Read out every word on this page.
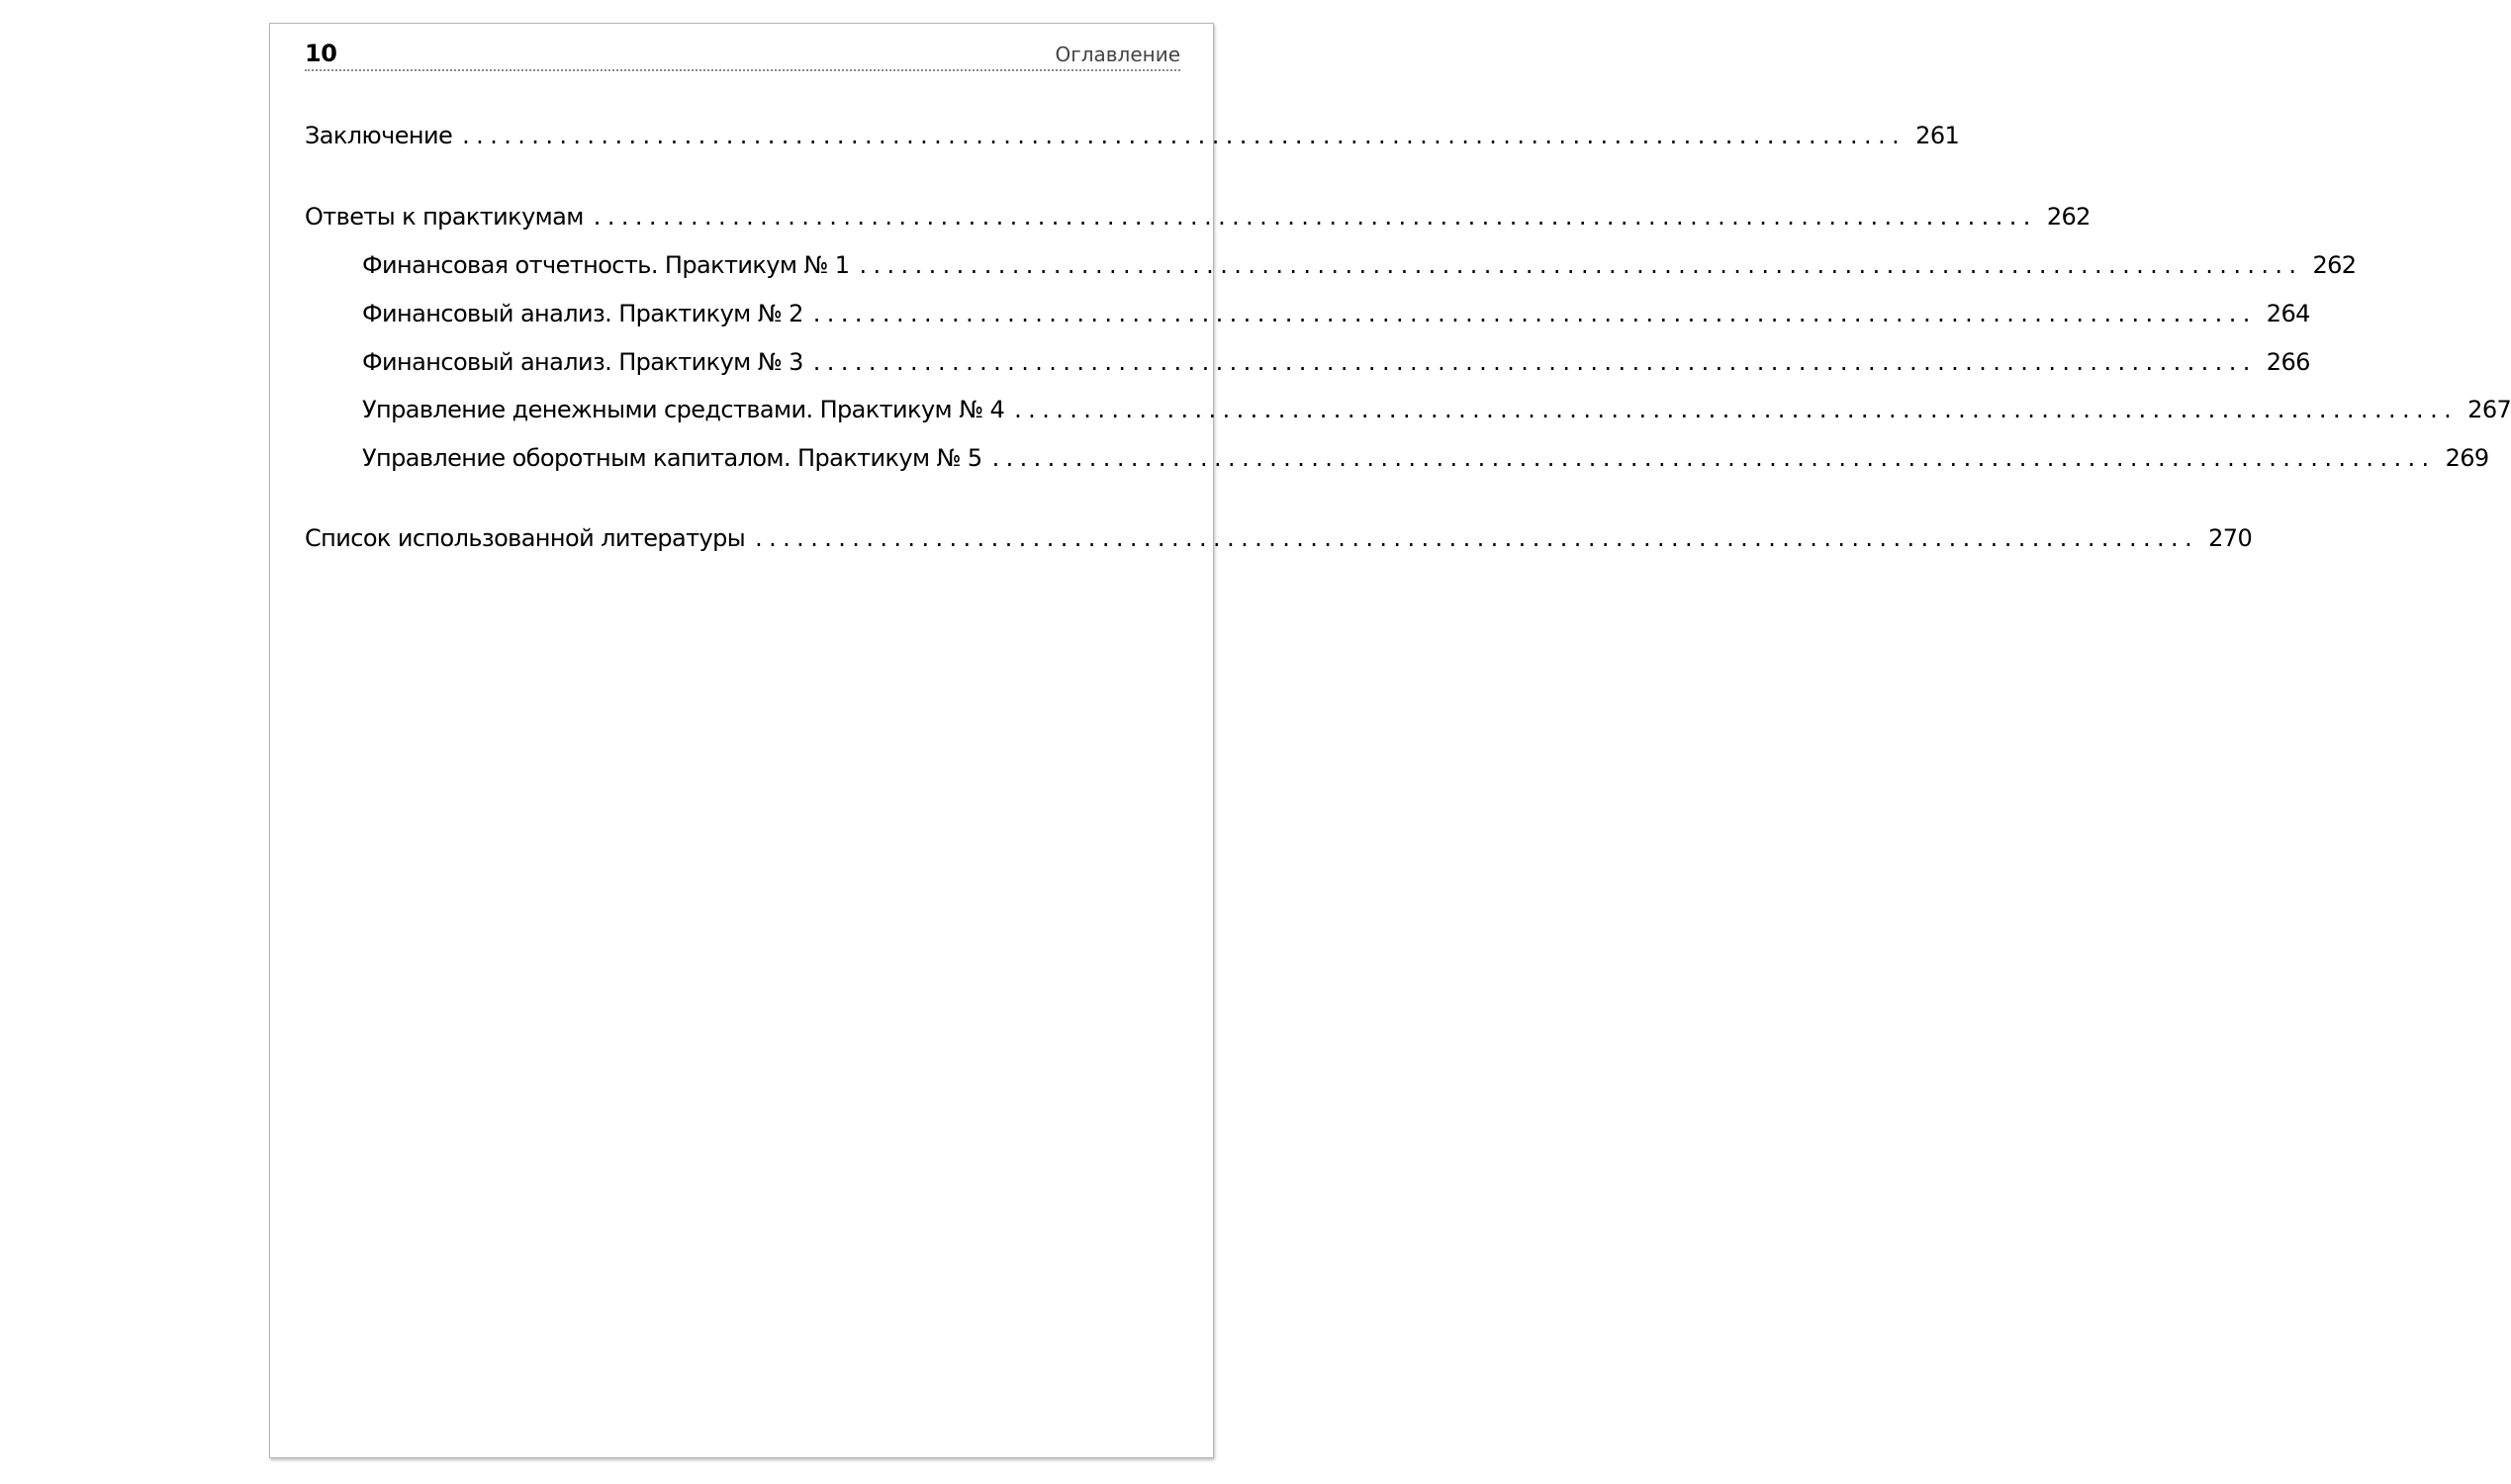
10	Оглавление
Заключение ........................................................................................................ 261
Ответы к практикумам ........................................................................................................ 262
Финансовая отчетность. Практикум № 1 ........................................................................................................ 262
Финансовый анализ. Практикум № 2 ........................................................................................................ 264
Финансовый анализ. Практикум № 3 ........................................................................................................ 266
Управление денежными средствами. Практикум № 4 ........................................................................................................ 267
Управление оборотным капиталом. Практикум № 5 ........................................................................................................ 269
Список использованной литературы ........................................................................................................ 270
